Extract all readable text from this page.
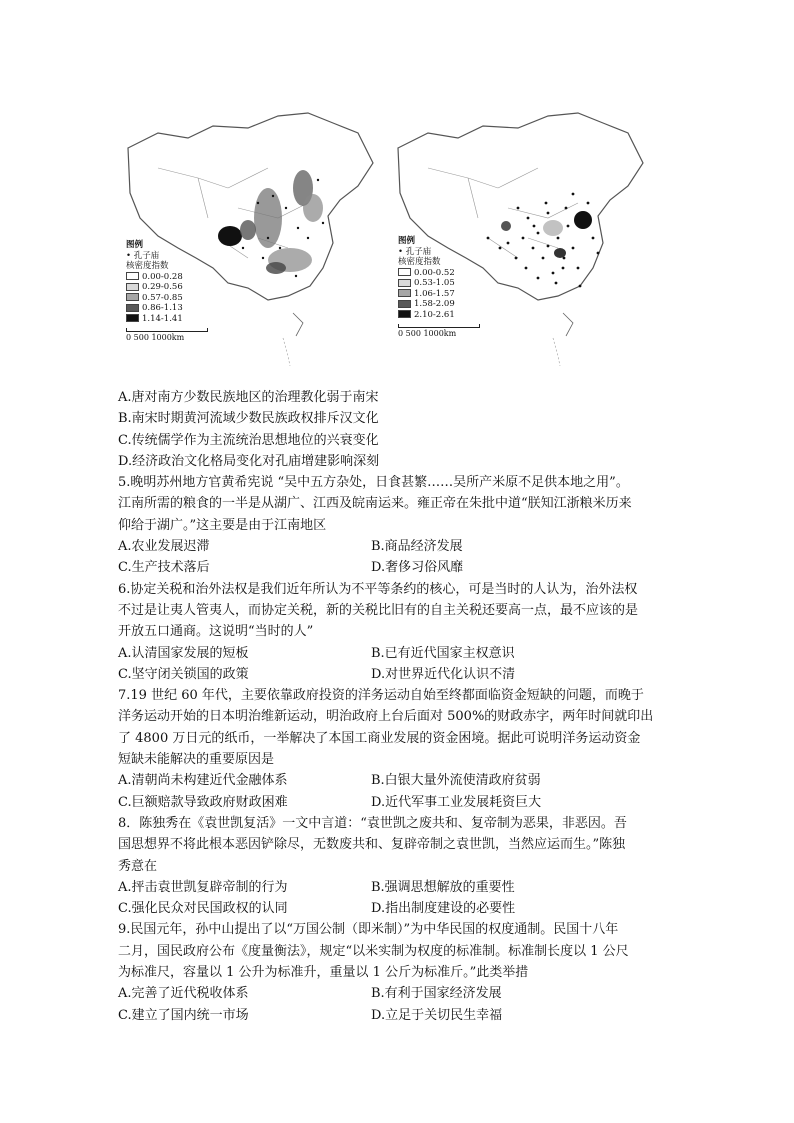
图例
• 孔子庙
核密度指数
0.00-0.28
0.29-0.56
0.57-0.85
0.86-1.13
1.14-1.41
0 500 1000km
图例
• 孔子庙
核密度指数
0.00-0.52
0.53-1.05
1.06-1.57
1.58-2.09
2.10-2.61
0 500 1000km
A.唐对南方少数民族地区的治理教化弱于南宋
B.南宋时期黄河流域少数民族政权排斥汉文化
C.传统儒学作为主流统治思想地位的兴衰变化
D.经济政治文化格局变化对孔庙增建影响深刻
5.晚明苏州地方官黄希宪说 “吴中五方杂处，日食甚繁……吴所产米原不足供本地之用”。
江南所需的粮食的一半是从湖广、江西及皖南运来。雍正帝在朱批中道“朕知江浙粮米历来
仰给于湖广。”这主要是由于江南地区
A.农业发展迟滞	B.商品经济发展
C.生产技术落后	D.奢侈习俗风靡
6.协定关税和治外法权是我们近年所认为不平等条约的核心，可是当时的人认为，治外法权
不过是让夷人管夷人，而协定关税，新的关税比旧有的自主关税还要高一点，最不应该的是
开放五口通商。这说明“当时的人”
A.认清国家发展的短板	B.已有近代国家主权意识
C.坚守闭关锁国的政策	D.对世界近代化认识不清
7.19 世纪 60 年代，主要依靠政府投资的洋务运动自始至终都面临资金短缺的问题，而晚于
洋务运动开始的日本明治维新运动，明治政府上台后面对 500%的财政赤字，两年时间就印出
了 4800 万日元的纸币，一举解决了本国工商业发展的资金困境。据此可说明洋务运动资金
短缺未能解决的重要原因是
A.清朝尚未构建近代金融体系	B.白银大量外流使清政府贫弱
C.巨额赔款导致政府财政困难	D.近代军事工业发展耗资巨大
8．陈独秀在《袁世凯复活》一文中言道：“袁世凯之废共和、复帝制为恶果，非恶因。吾
国思想界不将此根本恶因铲除尽，无数废共和、复辟帝制之袁世凯，当然应运而生。”陈独
秀意在
A.抨击袁世凯复辟帝制的行为	B.强调思想解放的重要性
C.强化民众对民国政权的认同	D.指出制度建设的必要性
9.民国元年，孙中山提出了以“万国公制（即米制）”为中华民国的权度通制。民国十八年
二月，国民政府公布《度量衡法》，规定“以米实制为权度的标准制。标准制长度以 1 公尺
为标准尺，容量以 1 公升为标准升，重量以 1 公斤为标准斤。”此类举措
A.完善了近代税收体系	B.有利于国家经济发展
C.建立了国内统一市场	D.立足于关切民生幸福
